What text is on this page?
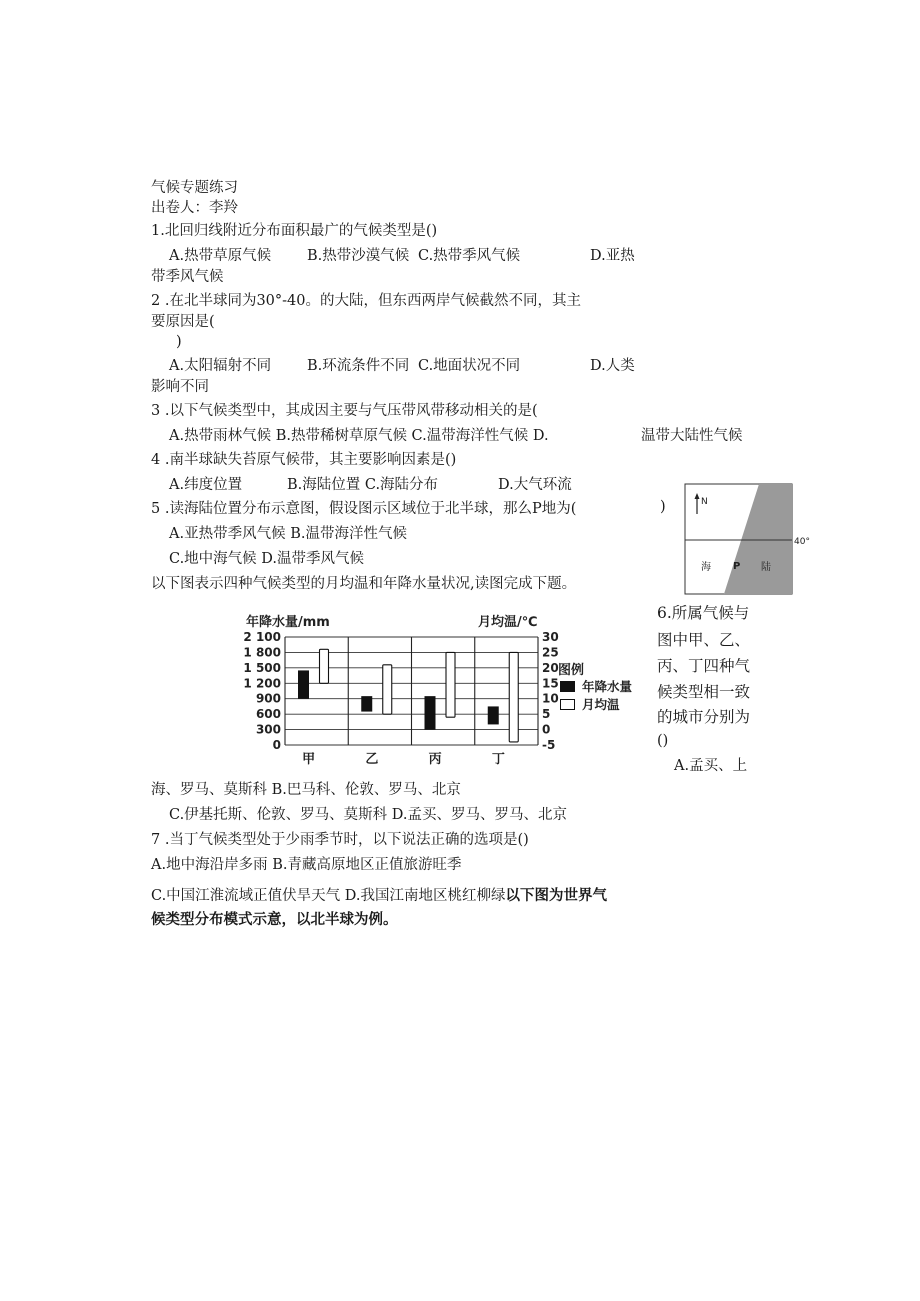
气候专题练习
出卷人：李羚
1.北回归线附近分布面积最广的气候类型是()
A.热带草原气候 B.热带沙漠气候 C.热带季风气候	D.亚热
带季风气候
2 .在北半球同为30°-40。的大陆，但东西两岸气候截然不同，其主
要原因是(
)
A.太阳辐射不同 B.环流条件不同 C.地面状况不同	D.人类
影响不同
3 .以下气候类型中，其成因主要与气压带风带移动相关的是(
A.热带雨林气候 B.热带稀树草原气候 C.温带海洋性气候 D.	温带大陆性气候
4 .南半球缺失苔原气候带，其主要影响因素是()
A.纬度位置	B.海陆位置 C.海陆分布	D.大气环流
5 .读海陆位置分布示意图，假设图示区域位于北半球，那么P地为(	)
A.亚热带季风气候 B.温带海洋性气候
C.地中海气候 D.温带季风气候
N
40°
海 P 陆
以下图表示四种气候类型的月均温和年降水量状况,读图完成下题。
年降水量/mm	月均温/℃
2 100
1 800
1 500
1 200
900
600
300
0
30
25
20
15
10
5
0
-5
甲	乙	丙	丁
图例
年降水量
月均温
6.所属气候与
图中甲、乙、
丙、丁四种气
候类型相一致
的城市分别为
()
A.孟买、上
海、罗马、莫斯科 B.巴马科、伦敦、罗马、北京
C.伊基托斯、伦敦、罗马、莫斯科 D.孟买、罗马、罗马、北京
7 .当丁气候类型处于少雨季节时，以下说法正确的选项是()
A.地中海沿岸多雨 B.青藏高原地区正值旅游旺季
C.中国江淮流域正值伏旱天气 D.我国江南地区桃红柳绿以下图为世界气
候类型分布模式示意，以北半球为例。
